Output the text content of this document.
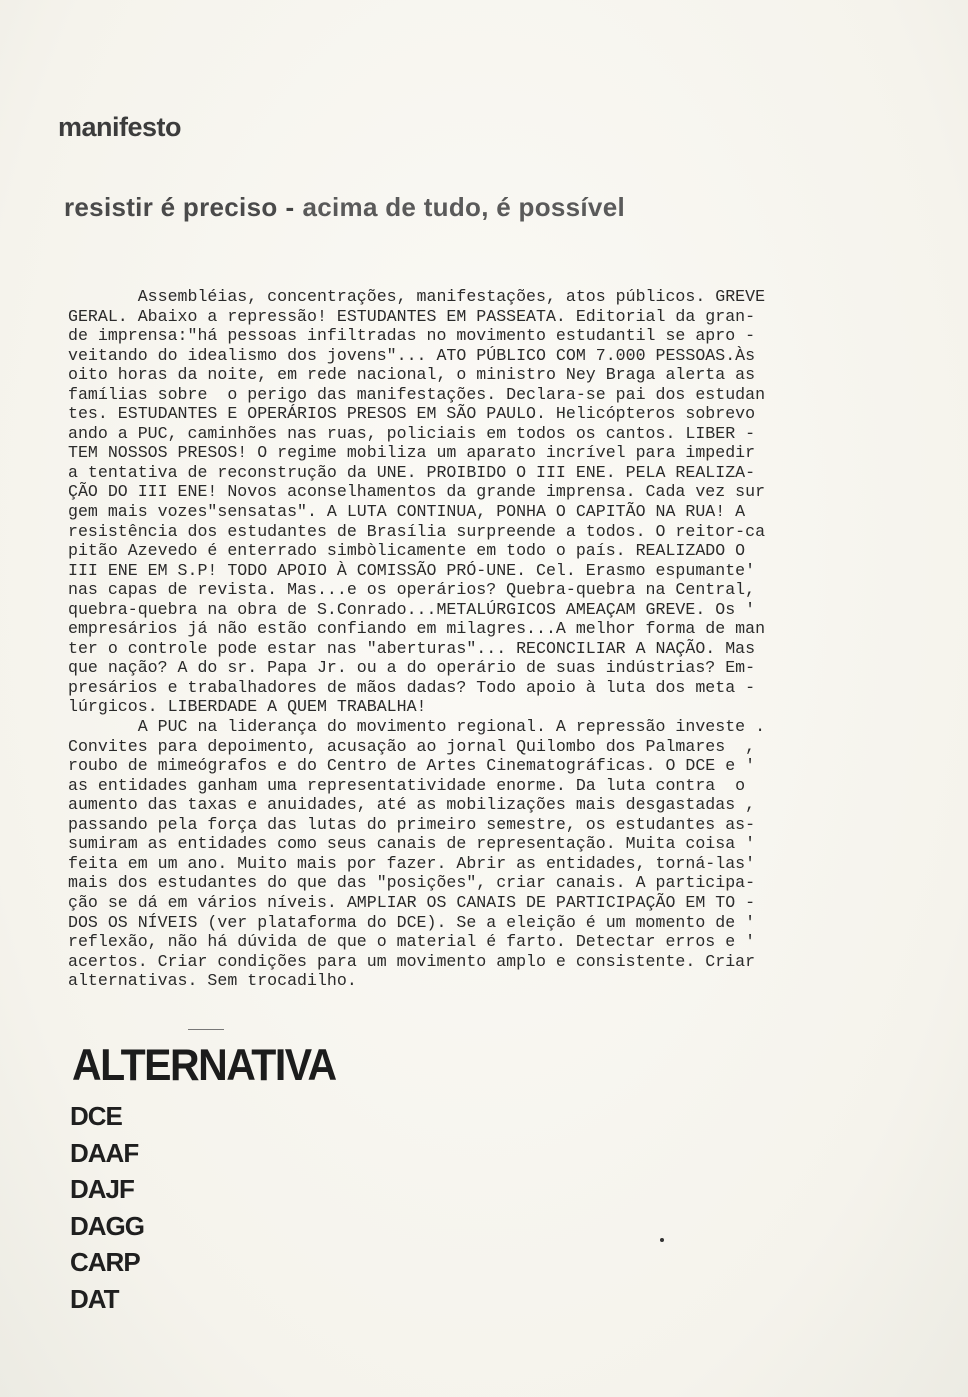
manifesto
resistir é preciso - acima de tudo, é possível
Assembléias, concentrações, manifestações, atos públicos. GREVE
GERAL. Abaixo a repressão! ESTUDANTES EM PASSEATA. Editorial da gran-
de imprensa:"há pessoas infiltradas no movimento estudantil se apro -
veitando do idealismo dos jovens"... ATO PÚBLICO COM 7.000 PESSOAS.Às
oito horas da noite, em rede nacional, o ministro Ney Braga alerta as
famílias sobre  o perigo das manifestações. Declara-se pai dos estudan
tes. ESTUDANTES E OPERÁRIOS PRESOS EM SÃO PAULO. Helicópteros sobrevo
ando a PUC, caminhões nas ruas, policiais em todos os cantos. LIBER -
TEM NOSSOS PRESOS! O regime mobiliza um aparato incrível para impedir
a tentativa de reconstrução da UNE. PROIBIDO O III ENE. PELA REALIZA-
ÇÃO DO III ENE! Novos aconselhamentos da grande imprensa. Cada vez sur
gem mais vozes"sensatas". A LUTA CONTINUA, PONHA O CAPITÃO NA RUA! A
resistência dos estudantes de Brasília surpreende a todos. O reitor-ca
pitão Azevedo é enterrado simbòlicamente em todo o país. REALIZADO O
III ENE EM S.P! TODO APOIO À COMISSÃO PRÓ-UNE. Cel. Erasmo espumante'
nas capas de revista. Mas...e os operários? Quebra-quebra na Central,
quebra-quebra na obra de S.Conrado...METALÚRGICOS AMEAÇAM GREVE. Os '
empresários já não estão confiando em milagres...A melhor forma de man
ter o controle pode estar nas "aberturas"... RECONCILIAR A NAÇÃO. Mas
que nação? A do sr. Papa Jr. ou a do operário de suas indústrias? Em-
presários e trabalhadores de mãos dadas? Todo apoio à luta dos meta -
lúrgicos. LIBERDADE A QUEM TRABALHA!
A PUC na liderança do movimento regional. A repressão investe .
Convites para depoimento, acusação ao jornal Quilombo dos Palmares  ,
roubo de mimeógrafos e do Centro de Artes Cinematográficas. O DCE e '
as entidades ganham uma representatividade enorme. Da luta contra  o
aumento das taxas e anuidades, até as mobilizações mais desgastadas ,
passando pela força das lutas do primeiro semestre, os estudantes as-
sumiram as entidades como seus canais de representação. Muita coisa '
feita em um ano. Muito mais por fazer. Abrir as entidades, torná-las'
mais dos estudantes do que das "posições", criar canais. A participa-
ção se dá em vários níveis. AMPLIAR OS CANAIS DE PARTICIPAÇÃO EM TO -
DOS OS NÍVEIS (ver plataforma do DCE). Se a eleição é um momento de '
reflexão, não há dúvida de que o material é farto. Detectar erros e '
acertos. Criar condições para um movimento amplo e consistente. Criar
alternativas. Sem trocadilho.
ALTERNATIVA
DCE
DAAF
DAJF
DAGG
CARP
DAT
